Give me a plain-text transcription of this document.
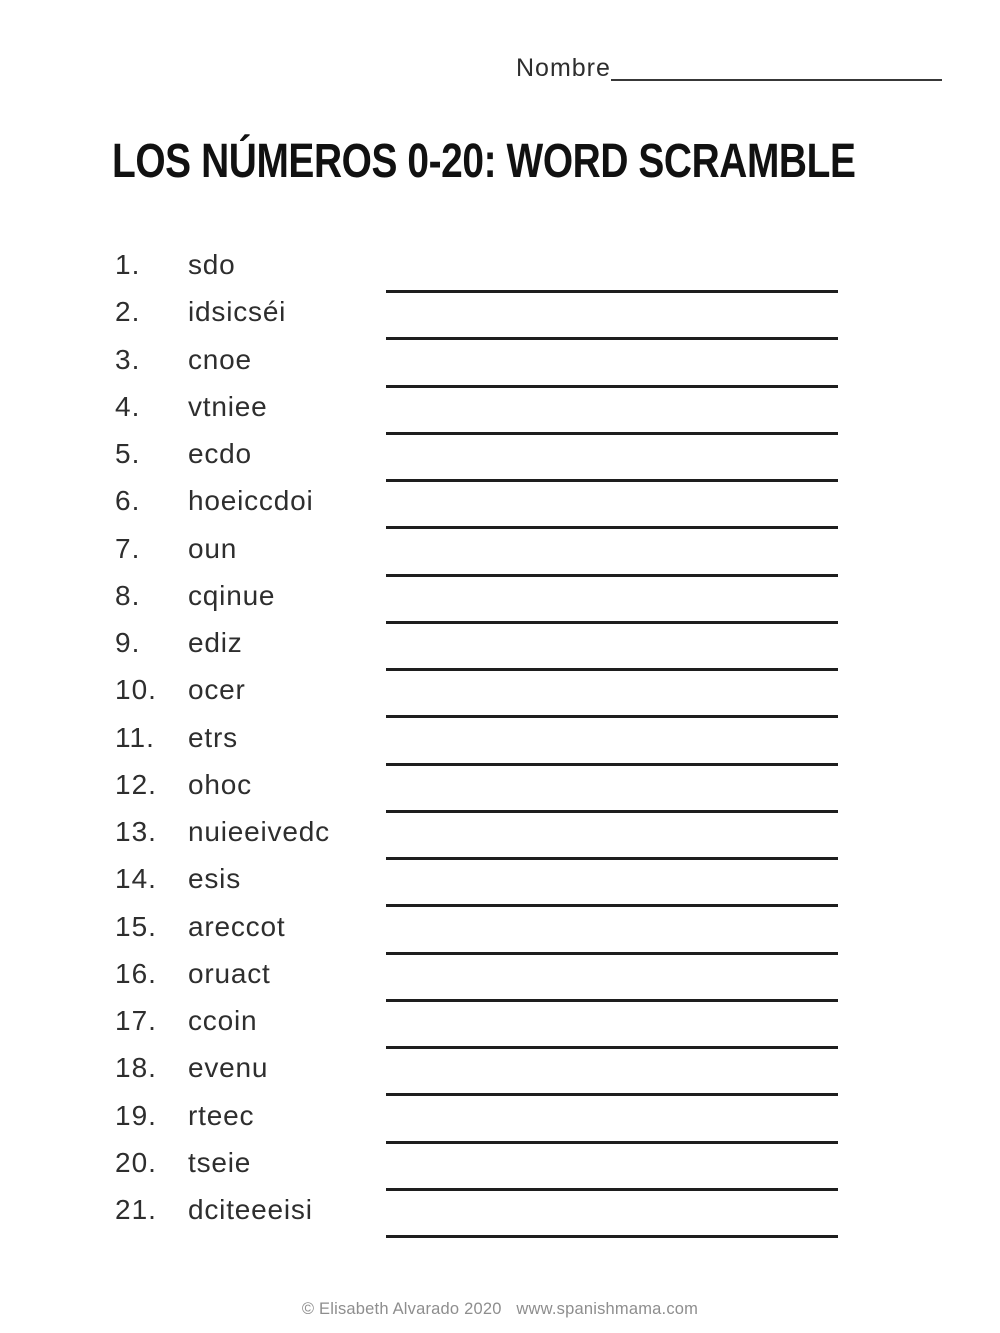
Nombre
LOS NÚMEROS 0-20: WORD SCRAMBLE
1. sdo
2. idsicséi
3. cnoe
4. vtniee
5. ecdo
6. hoeiccdoi
7. oun
8. cqinue
9. ediz
10. ocer
11. etrs
12. ohoc
13. nuieeivedc
14. esis
15. areccot
16. oruact
17. ccoin
18. evenu
19. rteec
20. tseie
21. dciteeeisi
© Elisabeth Alvarado 2020 www.spanishmama.com
